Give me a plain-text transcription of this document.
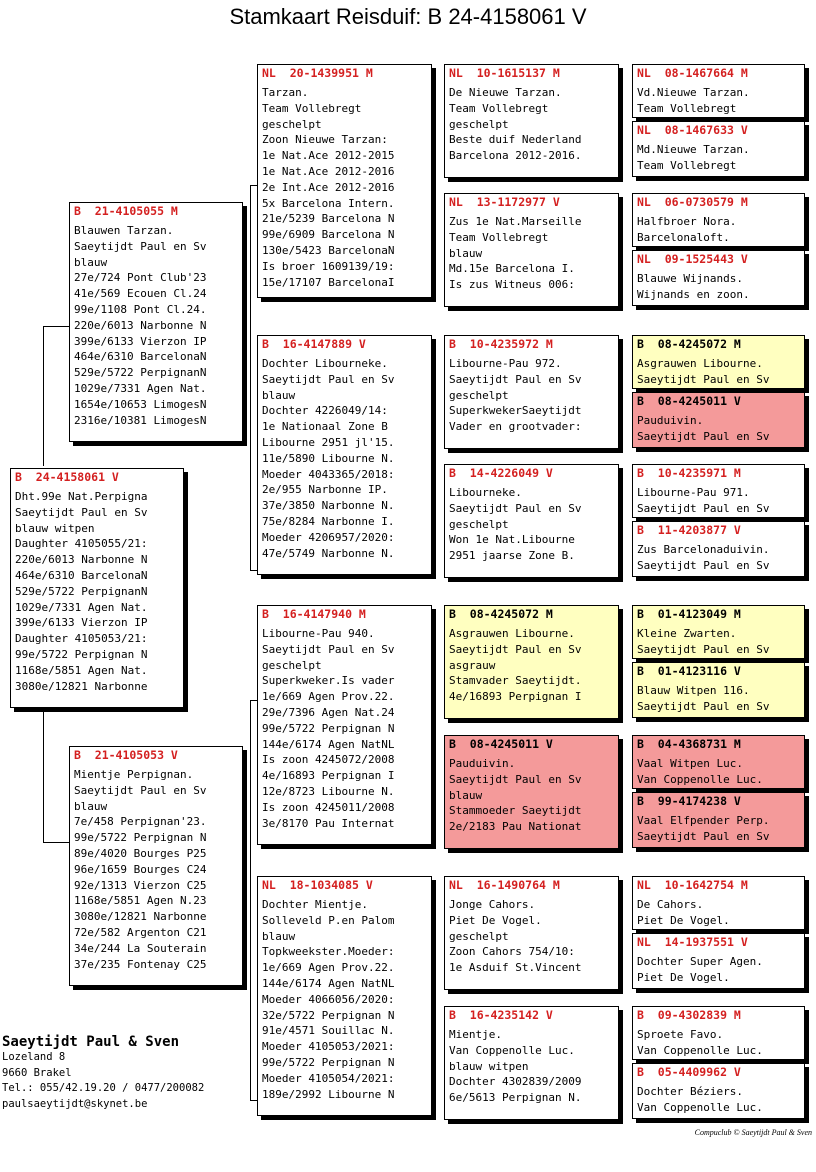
Stamkaart Reisduif: B 24-4158061 V
B  24-4158061 V
Dht.99e Nat.Perpigna
Saeytijdt Paul en Sv
blauw witpen
Daughter 4105055/21:
220e/6013 Narbonne N
464e/6310 BarcelonaN
529e/5722 PerpignanN
1029e/7331 Agen Nat.
399e/6133 Vierzon IP
Daughter 4105053/21:
99e/5722 Perpignan N
1168e/5851 Agen Nat.
3080e/12821 Narbonne
B  21-4105055 M
Blauwen Tarzan.
Saeytijdt Paul en Sv
blauw
27e/724 Pont Club'23
41e/569 Ecouen Cl.24
99e/1108 Pont Cl.24.
220e/6013 Narbonne N
399e/6133 Vierzon IP
464e/6310 BarcelonaN
529e/5722 PerpignanN
1029e/7331 Agen Nat.
1654e/10653 LimogesN
2316e/10381 LimogesN
B  21-4105053 V
Mientje Perpignan.
Saeytijdt Paul en Sv
blauw
7e/458 Perpignan'23.
99e/5722 Perpignan N
89e/4020 Bourges P25
96e/1659 Bourges C24
92e/1313 Vierzon C25
1168e/5851 Agen N.23
3080e/12821 Narbonne
72e/582 Argenton C21
34e/244 La Souterain
37e/235 Fontenay C25
NL  20-1439951 M
Tarzan.
Team Vollebregt
geschelpt
Zoon Nieuwe Tarzan:
1e Nat.Ace 2012-2015
1e Nat.Ace 2012-2016
2e Int.Ace 2012-2016
5x Barcelona Intern.
21e/5239 Barcelona N
99e/6909 Barcelona N
130e/5423 BarcelonaN
Is broer 1609139/19:
15e/17107 BarcelonaI
B  16-4147889 V
Dochter Libourneke.
Saeytijdt Paul en Sv
blauw
Dochter 4226049/14:
1e Nationaal Zone B
Libourne 2951 jl'15.
11e/5890 Libourne N.
Moeder 4043365/2018:
2e/955 Narbonne IP.
37e/3850 Narbonne N.
75e/8284 Narbonne I.
Moeder 4206957/2020:
47e/5749 Narbonne N.
B  16-4147940 M
Libourne-Pau 940.
Saeytijdt Paul en Sv
geschelpt
Superkweker.Is vader
1e/669 Agen Prov.22.
29e/7396 Agen Nat.24
99e/5722 Perpignan N
144e/6174 Agen NatNL
Is zoon 4245072/2008
4e/16893 Perpignan I
12e/8723 Libourne N.
Is zoon 4245011/2008
3e/8170 Pau Internat
NL  18-1034085 V
Dochter Mientje.
Solleveld P.en Palom
blauw
Topkweekster.Moeder:
1e/669 Agen Prov.22.
144e/6174 Agen NatNL
Moeder 4066056/2020:
32e/5722 Perpignan N
91e/4571 Souillac N.
Moeder 4105053/2021:
99e/5722 Perpignan N
Moeder 4105054/2021:
189e/2992 Libourne N
NL  10-1615137 M
De Nieuwe Tarzan.
Team Vollebregt
geschelpt
Beste duif Nederland
Barcelona 2012-2016.
NL  13-1172977 V
Zus 1e Nat.Marseille
Team Vollebregt
blauw
Md.15e Barcelona I.
Is zus Witneus 006:
B  10-4235972 M
Libourne-Pau 972.
Saeytijdt Paul en Sv
geschelpt
SuperkwekerSaeytijdt
Vader en grootvader:
B  14-4226049 V
Libourneke.
Saeytijdt Paul en Sv
geschelpt
Won 1e Nat.Libourne
2951 jaarse Zone B.
B  08-4245072 M
Asgrauwen Libourne.
Saeytijdt Paul en Sv
asgrauw
Stamvader Saeytijdt.
4e/16893 Perpignan I
B  08-4245011 V
Pauduivin.
Saeytijdt Paul en Sv
blauw
Stammoeder Saeytijdt
2e/2183 Pau Nationat
NL  16-1490764 M
Jonge Cahors.
Piet De Vogel.
geschelpt
Zoon Cahors 754/10:
1e Asduif St.Vincent
B  16-4235142 V
Mientje.
Van Coppenolle Luc.
blauw witpen
Dochter 4302839/2009
6e/5613 Perpignan N.
NL  08-1467664 M
Vd.Nieuwe Tarzan.
Team Vollebregt
NL  08-1467633 V
Md.Nieuwe Tarzan.
Team Vollebregt
NL  06-0730579 M
Halfbroer Nora.
Barcelonaloft.
NL  09-1525443 V
Blauwe Wijnands.
Wijnands en zoon.
B  08-4245072 M
Asgrauwen Libourne.
Saeytijdt Paul en Sv
B  08-4245011 V
Pauduivin.
Saeytijdt Paul en Sv
B  10-4235971 M
Libourne-Pau 971.
Saeytijdt Paul en Sv
B  11-4203877 V
Zus Barcelonaduivin.
Saeytijdt Paul en Sv
B  01-4123049 M
Kleine Zwarten.
Saeytijdt Paul en Sv
B  01-4123116 V
Blauw Witpen 116.
Saeytijdt Paul en Sv
B  04-4368731 M
Vaal Witpen Luc.
Van Coppenolle Luc.
B  99-4174238 V
Vaal Elfpender Perp.
Saeytijdt Paul en Sv
NL  10-1642754 M
De Cahors.
Piet De Vogel.
NL  14-1937551 V
Dochter Super Agen.
Piet De Vogel.
B  09-4302839 M
Sproete Favo.
Van Coppenolle Luc.
B  05-4409962 V
Dochter Béziers.
Van Coppenolle Luc.
Saeytijdt Paul & Sven
Lozeland 8
9660 Brakel
Tel.: 055/42.19.20 / 0477/200082
paulsaeytijdt@skynet.be
Compuclub © Saeytijdt Paul & Sven
